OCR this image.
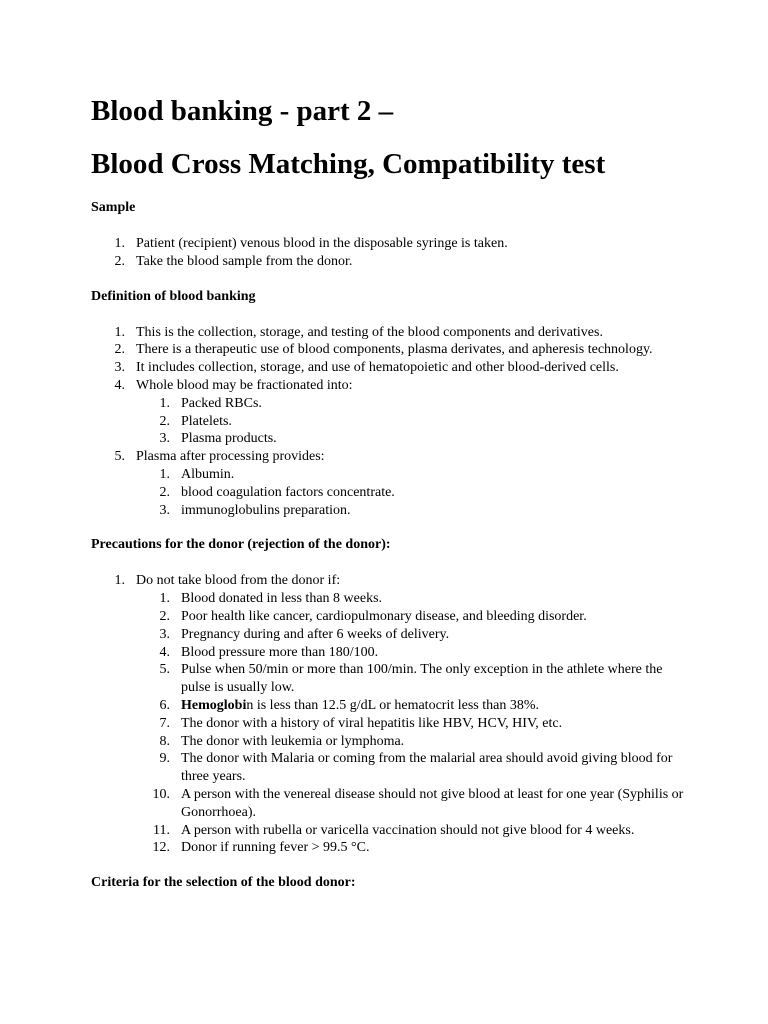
Blood banking - part 2 –
Blood Cross Matching, Compatibility test
Sample
1. Patient (recipient) venous blood in the disposable syringe is taken.
2. Take the blood sample from the donor.
Definition of blood banking
1. This is the collection, storage, and testing of the blood components and derivatives.
2. There is a therapeutic use of blood components, plasma derivates, and apheresis technology.
3. It includes collection, storage, and use of hematopoietic and other blood-derived cells.
4. Whole blood may be fractionated into:
1. Packed RBCs.
2. Platelets.
3. Plasma products.
5. Plasma after processing provides:
1. Albumin.
2. blood coagulation factors concentrate.
3. immunoglobulins preparation.
Precautions for the donor (rejection of the donor):
1. Do not take blood from the donor if:
1. Blood donated in less than 8 weeks.
2. Poor health like cancer, cardiopulmonary disease, and bleeding disorder.
3. Pregnancy during and after 6 weeks of delivery.
4. Blood pressure more than 180/100.
5. Pulse when 50/min or more than 100/min. The only exception in the athlete where the pulse is usually low.
6. Hemoglobin is less than 12.5 g/dL or hematocrit less than 38%.
7. The donor with a history of viral hepatitis like HBV, HCV, HIV, etc.
8. The donor with leukemia or lymphoma.
9. The donor with Malaria or coming from the malarial area should avoid giving blood for three years.
10. A person with the venereal disease should not give blood at least for one year (Syphilis or Gonorrhoea).
11. A person with rubella or varicella vaccination should not give blood for 4 weeks.
12. Donor if running fever > 99.5 °C.
Criteria for the selection of the blood donor:
